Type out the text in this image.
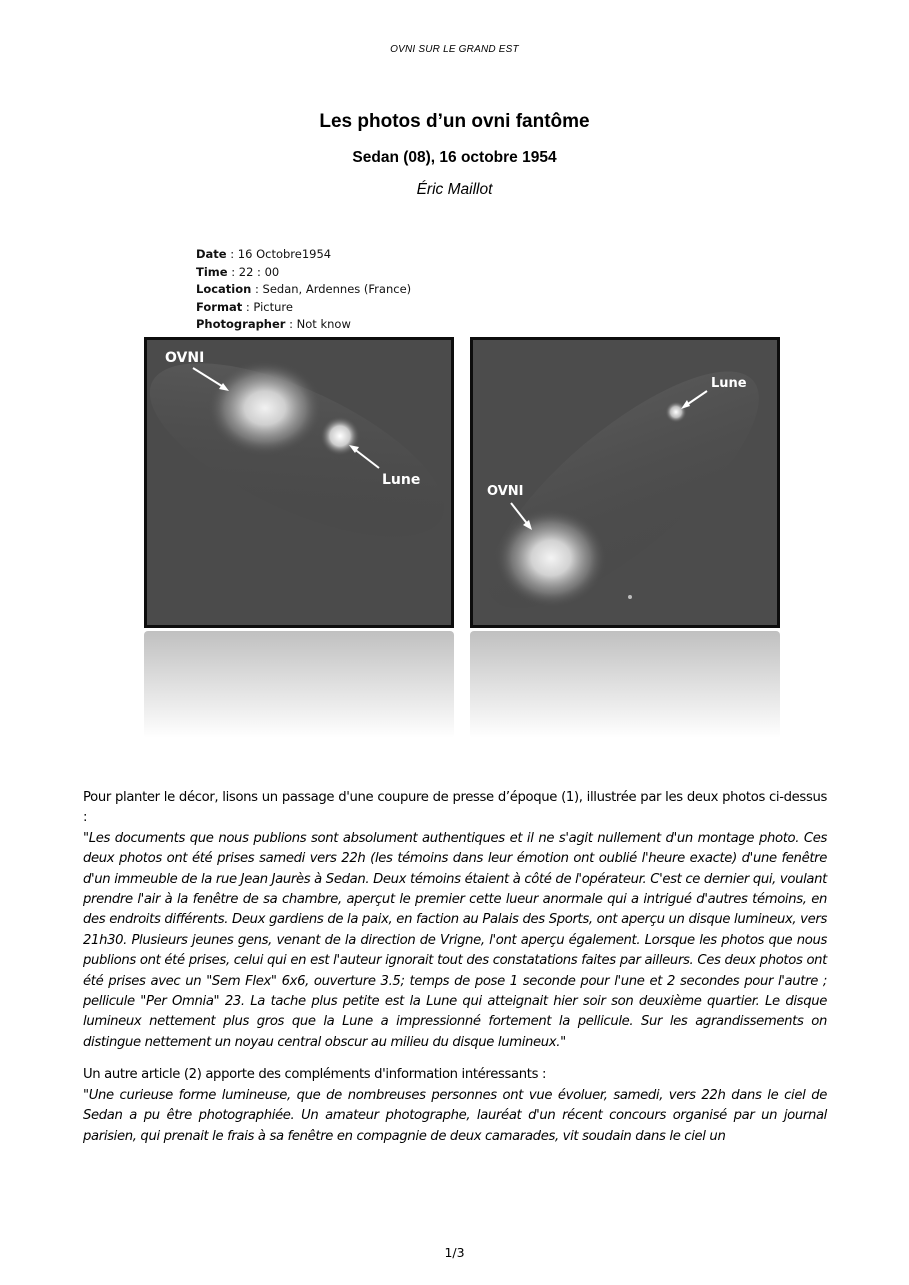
OVNI SUR LE GRAND EST
Les photos d’un ovni fantôme
Sedan (08), 16 octobre 1954
Éric Maillot
Date : 16 Octobre1954
Time : 22 : 00
Location : Sedan, Ardennes (France)
Format : Picture
Photographer : Not know
OVNI
Lune
Lune
OVNI

Pour planter le décor, lisons un passage d'une coupure de presse d’époque (1), illustrée par les deux photos ci-dessus :
"Les documents que nous publions sont absolument authentiques et il ne s'agit nullement d'un montage photo. Ces deux photos ont été prises samedi vers 22h (les témoins dans leur émotion ont oublié l'heure exacte) d'une fenêtre d'un immeuble de la rue Jean Jaurès à Sedan. Deux témoins étaient à côté de l'opérateur. C'est ce dernier qui, voulant prendre l'air à la fenêtre de sa chambre, aperçut le premier cette lueur anormale qui a intrigué d'autres témoins, en des endroits différents. Deux gardiens de la paix, en faction au Palais des Sports, ont aperçu un disque lumineux, vers 21h30. Plusieurs jeunes gens, venant de la direction de Vrigne, l'ont aperçu également. Lorsque les photos que nous publions ont été prises, celui qui en est l'auteur ignorait tout des constatations faites par ailleurs. Ces deux photos ont été prises avec un "Sem Flex" 6x6, ouverture 3.5; temps de pose 1 seconde pour l'une et 2 secondes pour l'autre ; pellicule "Per Omnia" 23. La tache plus petite est la Lune qui atteignait hier soir son deuxième quartier. Le disque lumineux nettement plus gros que la Lune a impressionné fortement la pellicule. Sur les agrandissements on distingue nettement un noyau central obscur au milieu du disque lumineux."

Un autre article (2) apporte des compléments d'information intéressants :
"Une curieuse forme lumineuse, que de nombreuses personnes ont vue évoluer, samedi, vers 22h dans le ciel de Sedan a pu être photographiée. Un amateur photographe, lauréat d'un récent concours organisé par un journal parisien, qui prenait le frais à sa fenêtre en compagnie de deux camarades, vit soudain dans le ciel un

1/3
